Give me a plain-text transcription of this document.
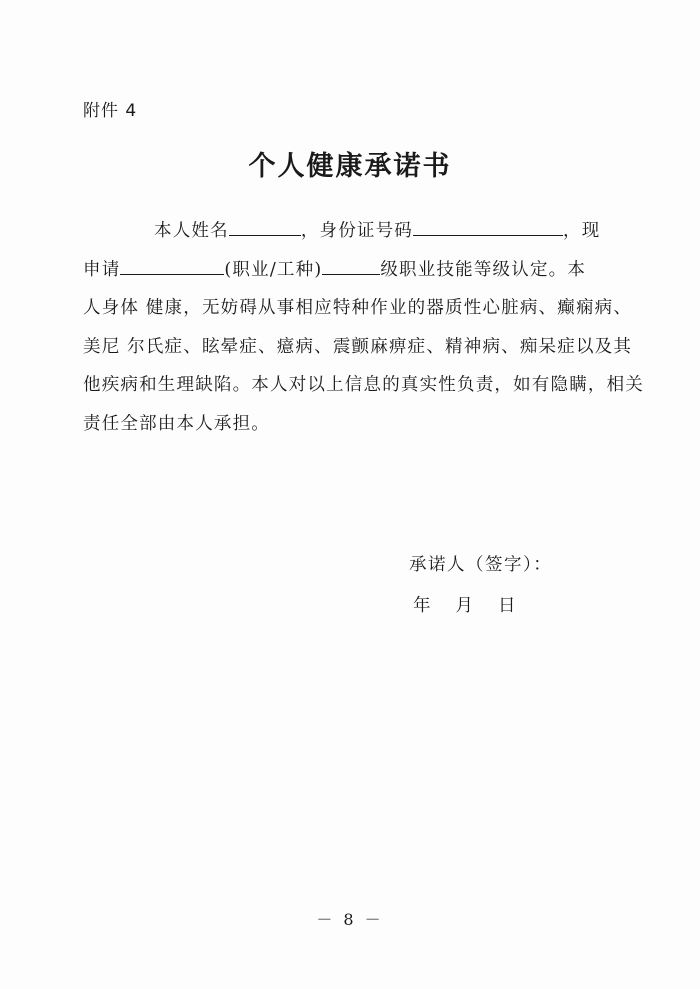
附件 4
个人健康承诺书
本人姓名	，身份证号码	，现
申请	(职业/工种)	级职业技能等级认定。本
人身体 健康，无妨碍从事相应特种作业的器质性心脏病、癫痫病、
美尼 尔氏症、眩晕症、癔病、震颤麻痹症、精神病、痴呆症以及其
他疾病和生理缺陷。本人对以上信息的真实性负责，如有隐瞒，相关
责任全部由本人承担。
承诺人（签字）：
年 月 日
－ 8 －
